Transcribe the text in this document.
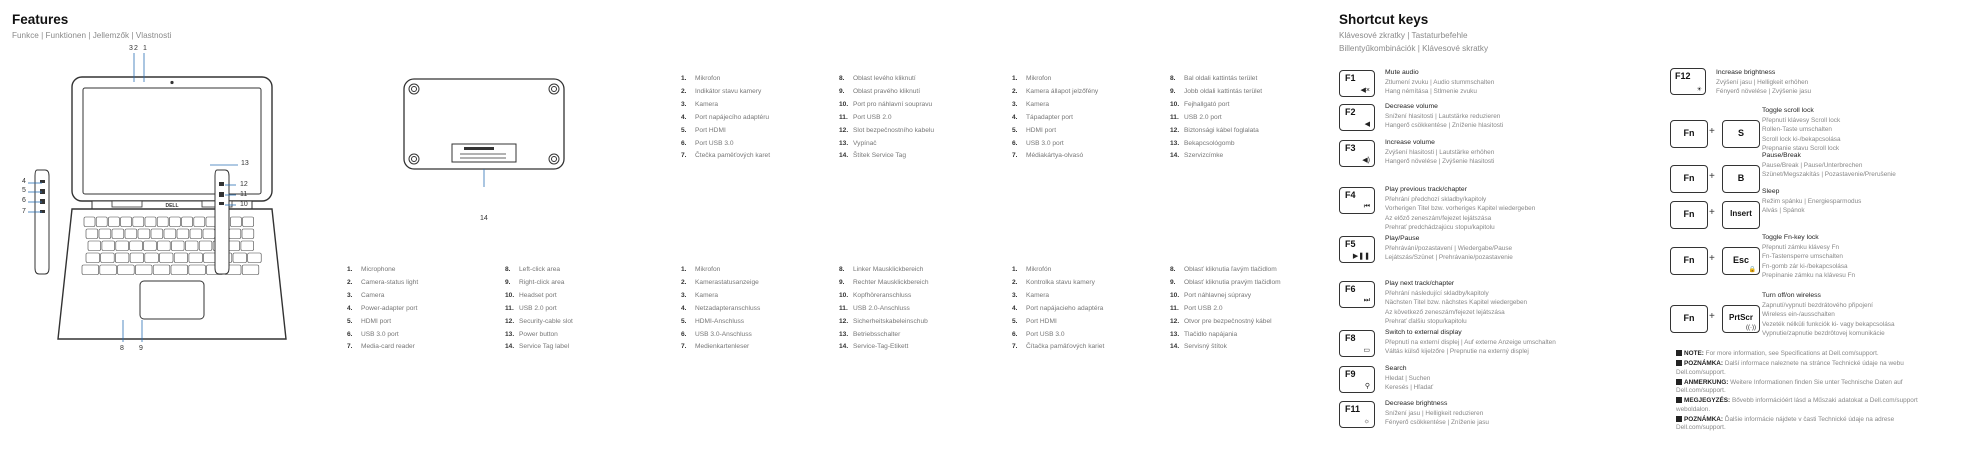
Features
Funkce | Funktionen | Jellemzők | Vlastnosti
DELL
3 2 1
4
5
6
7
13
12
11
10
8 9
14
1. Microphone
2. Camera-status light
3. Camera
4. Power-adapter port
5. HDMI port
6. USB 3.0 port
7. Media-card reader
8. Left-click area
9. Right-click area
10. Headset port
11. USB 2.0 port
12. Security-cable slot
13. Power button
14. Service Tag label
1. Mikrofon
2. Indikátor stavu kamery
3. Kamera
4. Port napájecího adaptéru
5. Port HDMI
6. Port USB 3.0
7. Čtečka paměťových karet
8. Oblast levého kliknutí
9. Oblast pravého kliknutí
10. Port pro náhlavní soupravu
11. Port USB 2.0
12. Slot bezpečnostního kabelu
13. Vypínač
14. Štítek Service Tag
1. Mikrofon
2. Kamera állapot jelzőfény
3. Kamera
4. Tápadapter port
5. HDMI port
6. USB 3.0 port
7. Médiakártya-olvasó
8. Bal oldali kattintás terület
9. Jobb oldali kattintás terület
10. Fejhallgató port
11. USB 2.0 port
12. Biztonsági kábel foglalata
13. Bekapcsológomb
14. Szervizcímke
1. Mikrofon
2. Kamerastatusanzeige
3. Kamera
4. Netzadapteranschluss
5. HDMI-Anschluss
6. USB 3.0-Anschluss
7. Medienkartenleser
8. Linker Mausklickbereich
9. Rechter Mausklickbereich
10. Kopfhöreranschluss
11. USB 2.0-Anschluss
12. Sicherheitskabeleinschub
13. Betriebsschalter
14. Service-Tag-Etikett
1. Mikrofón
2. Kontrolka stavu kamery
3. Kamera
4. Port napájacieho adaptéra
5. Port HDMI
6. Port USB 3.0
7. Čítačka pamäťových kariet
8. Oblasť kliknutia ľavým tlačidlom
9. Oblasť kliknutia pravým tlačidlom
10. Port náhlavnej súpravy
11. Port USB 2.0
12. Otvor pre bezpečnostný kábel
13. Tlačidlo napájania
14. Servisný štítok
Shortcut keys
Klávesové zkratky | Tastaturbefehle
Billentyűkombinációk | Klávesové skratky
F1
◀×
Mute audio
Ztlumení zvuku | Audio stummschalten
Hang némítása | Stlmenie zvuku
F2
◀
Decrease volume
Snížení hlasitosti | Lautstärke reduzieren
Hangerő csökkentése | Zníženie hlasitosti
F3
◀)
Increase volume
Zvýšení hlasitosti | Lautstärke erhöhen
Hangerő növelése | Zvýšenie hlasitosti
F4
⏮
Play previous track/chapter
Přehrání předchozí skladby/kapitoly
Vorherigen Titel bzw. vorheriges Kapitel wiedergeben
Az előző zeneszám/fejezet lejátszása
Prehrať predchádzajúcu stopu/kapitolu
F5
▶❚❚
Play/Pause
Přehrávání/pozastavení | Wiedergabe/Pause
Lejátszás/Szünet | Prehrávanie/pozastavenie
F6
⏭
Play next track/chapter
Přehrání následující skladby/kapitoly
Nächsten Titel bzw. nächstes Kapitel wiedergeben
Az következő zeneszám/fejezet lejátszása
Prehrať ďalšiu stopu/kapitolu
F8
▭
Switch to external display
Přepnutí na externí displej | Auf externe Anzeige umschalten
Váltás külső kijelzőre | Prepnutie na externý displej
F9
⚲
Search
Hledat | Suchen
Keresés | Hľadať
F11
☼
Decrease brightness
Snížení jasu | Helligkeit reduzieren
Fényerő csökkentése | Zníženie jasu
F12
☀
Increase brightness
Zvýšení jasu | Helligkeit erhöhen
Fényerő növelése | Zvýšenie jasu
Fn	+	S
Toggle scroll lock
Přepnutí klávesy Scroll lock
Rollen-Taste umschalten
Scroll lock ki-/bekapcsolása
Prepnanie stavu Scroll lock
Fn	+	B
Pause/Break
Pause/Break | Pause/Unterbrechen
Szünet/Megszakítás | Pozastavenie/Prerušenie
Fn	+	Insert
Sleep
Režim spánku | Energiesparmodus
Alvás | Spánok
Fn	+	Esc
🔒
Toggle Fn-key lock
Přepnutí zámku klávesy Fn
Fn-Tastensperre umschalten
Fn-gomb zár ki-/bekapcsolása
Prepínanie zámku na klávesu Fn
Fn	+	PrtScr
((·))
Turn off/on wireless
Zapnutí/vypnutí bezdrátového připojení
Wireless ein-/ausschalten
Vezeték nélküli funkciók ki- vagy bekapcsolása
Vypnutie/zapnutie bezdrôtovej komunikácie
NOTE: For more information, see Specifications at Dell.com/support.
POZNÁMKA: Další informace naleznete na stránce Technické údaje na webu Dell.com/support.
ANMERKUNG: Weitere Informationen finden Sie unter Technische Daten auf Dell.com/support.
MEGJEGYZÉS: Bővebb információért lásd a Műszaki adatokat a Dell.com/support weboldalon.
POZNÁMKA: Ďalšie informácie nájdete v časti Technické údaje na adrese Dell.com/support.
